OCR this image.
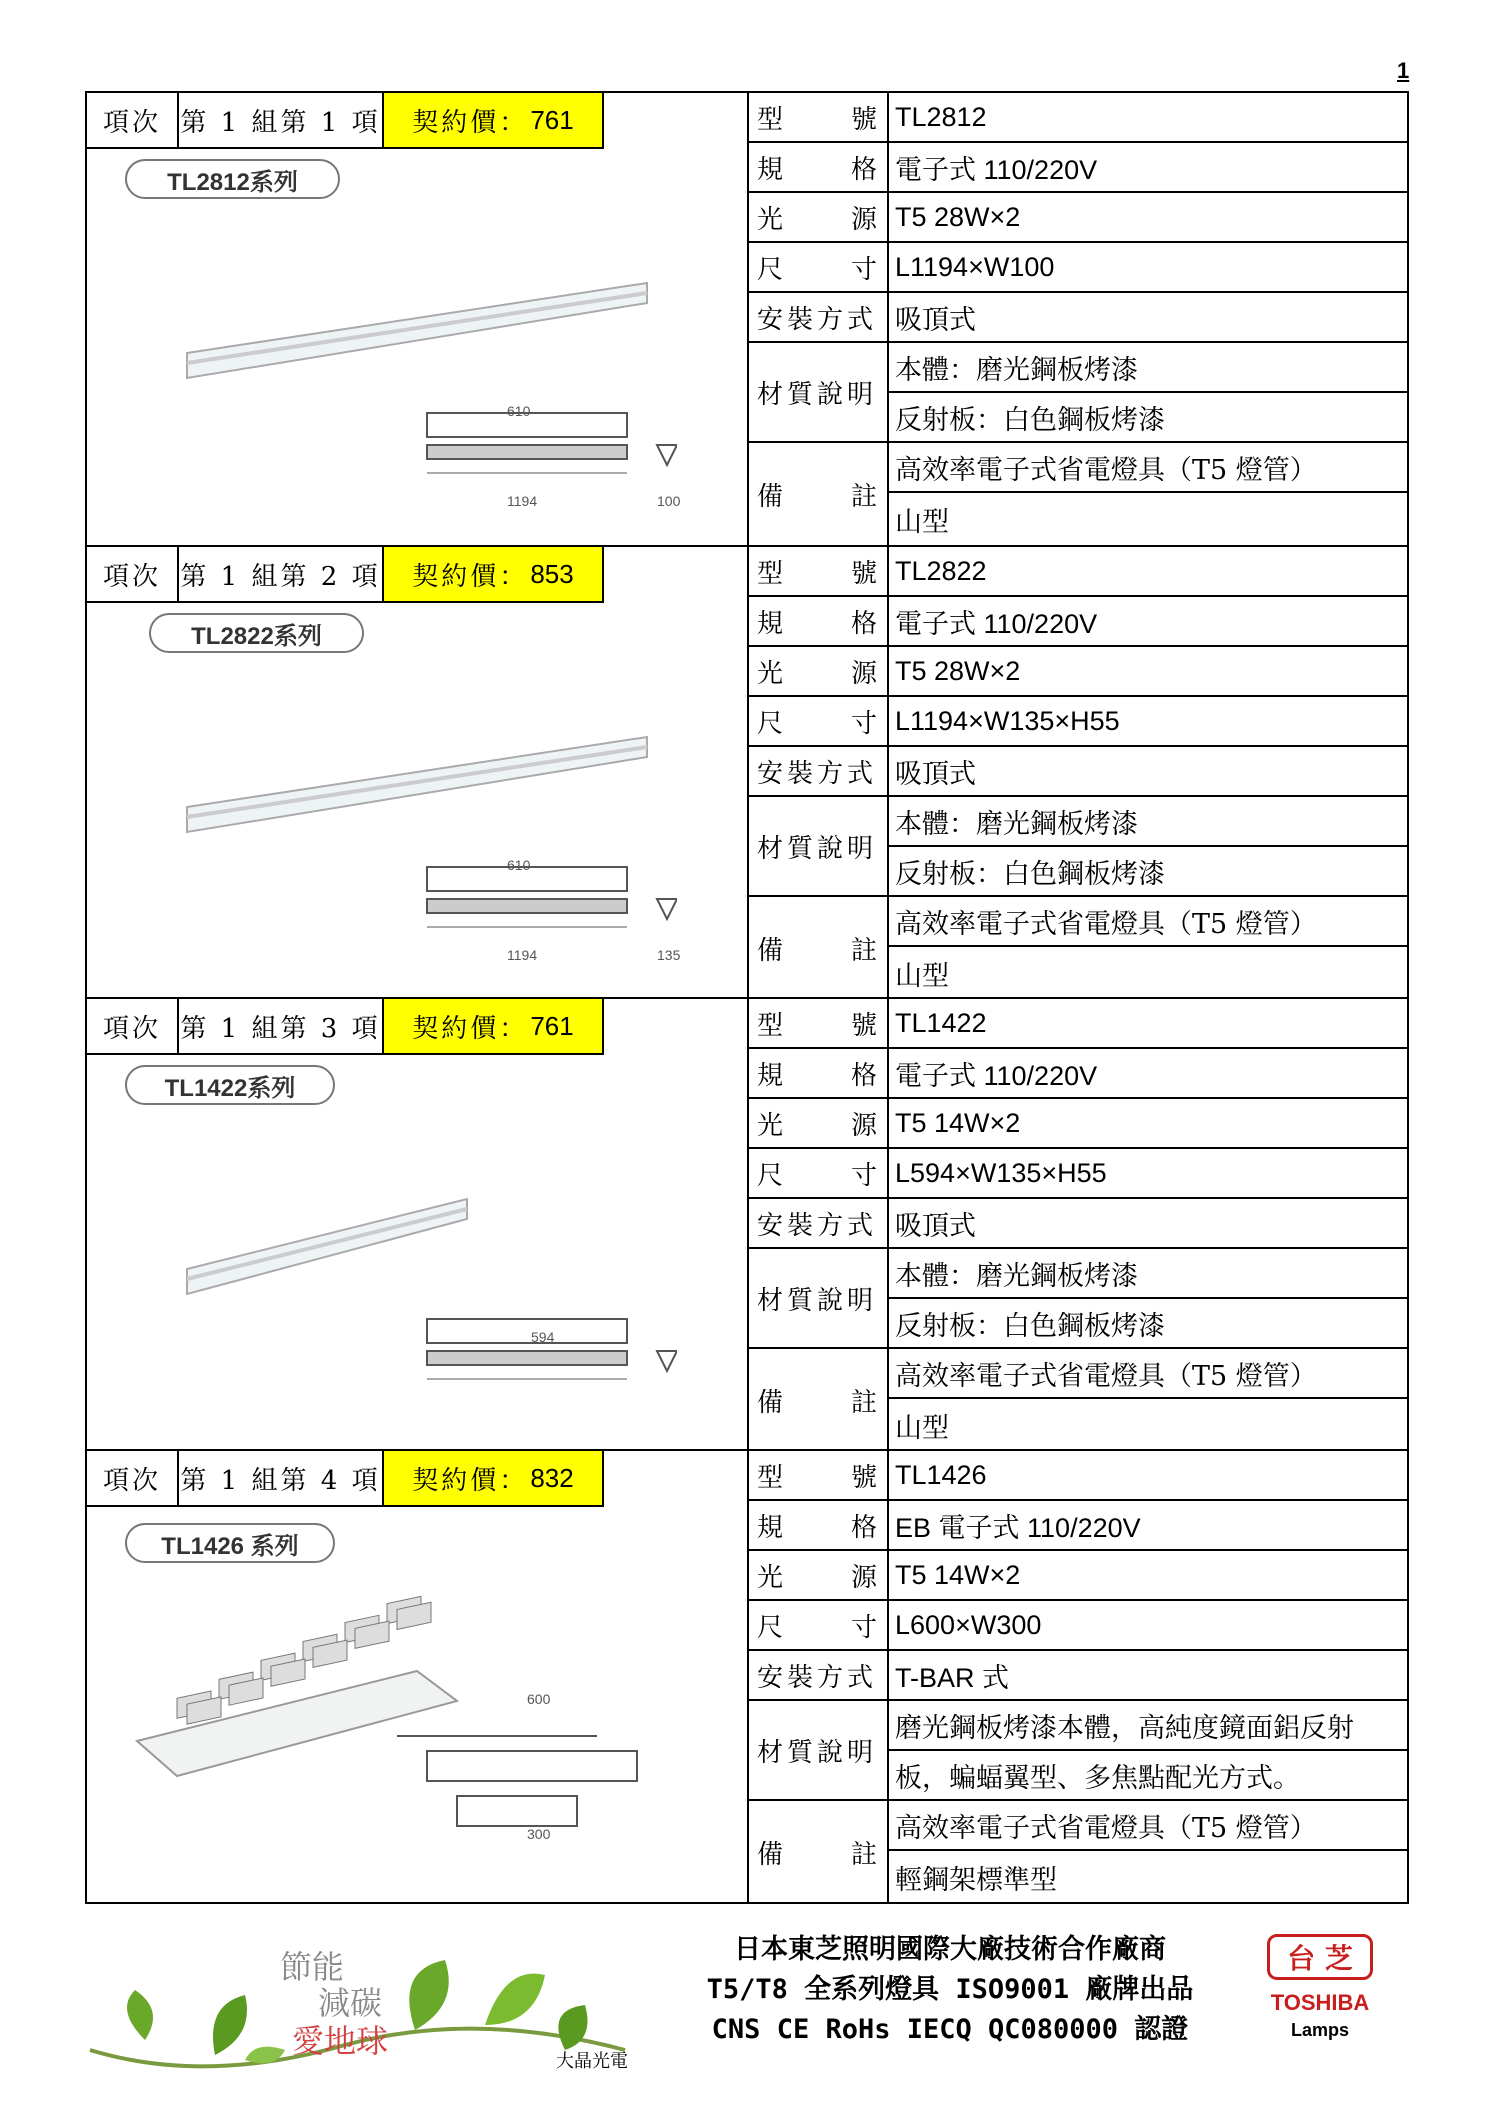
1
項次 第 1 組第 1 項 契約價： 761
TL2812系列
610
1194	100
型	號 TL2812
規	格 電子式 110/220V
光	源 T5 28W×2
尺	寸 L1194×W100
安裝方式 吸頂式
材質說明
本體：磨光鋼板烤漆
反射板：白色鋼板烤漆
備	註
高效率電子式省電燈具（T5 燈管）
山型
項次 第 1 組第 2 項 契約價： 853
TL2822系列
610
1194	135
型	號 TL2822
規	格 電子式 110/220V
光	源 T5 28W×2
尺	寸 L1194×W135×H55
安裝方式 吸頂式
材質說明
本體：磨光鋼板烤漆
反射板：白色鋼板烤漆
備	註
高效率電子式省電燈具（T5 燈管）
山型
項次 第 1 組第 3 項 契約價： 761
TL1422系列
594
型	號 TL1422
規	格 電子式 110/220V
光	源 T5 14W×2
尺	寸 L594×W135×H55
安裝方式 吸頂式
材質說明
本體：磨光鋼板烤漆
反射板：白色鋼板烤漆
備	註
高效率電子式省電燈具（T5 燈管）
山型
項次 第 1 組第 4 項 契約價： 832
TL1426 系列
600
300
型	號 TL1426
規	格 EB 電子式 110/220V
光	源 T5 14W×2
尺	寸 L600×W300
安裝方式 T-BAR 式
材質說明
磨光鋼板烤漆本體，高純度鏡面鋁反射
板，蝙蝠翼型、多焦點配光方式。
備	註
高效率電子式省電燈具（T5 燈管）
輕鋼架標準型
節能
減碳
愛地球
大晶光電
日本東芝照明國際大廠技術合作廠商
T5/T8 全系列燈具 ISO9001 廠牌出品
CNS CE RoHs IECQ QC080000 認證
台 芝
TOSHIBA
Lamps
